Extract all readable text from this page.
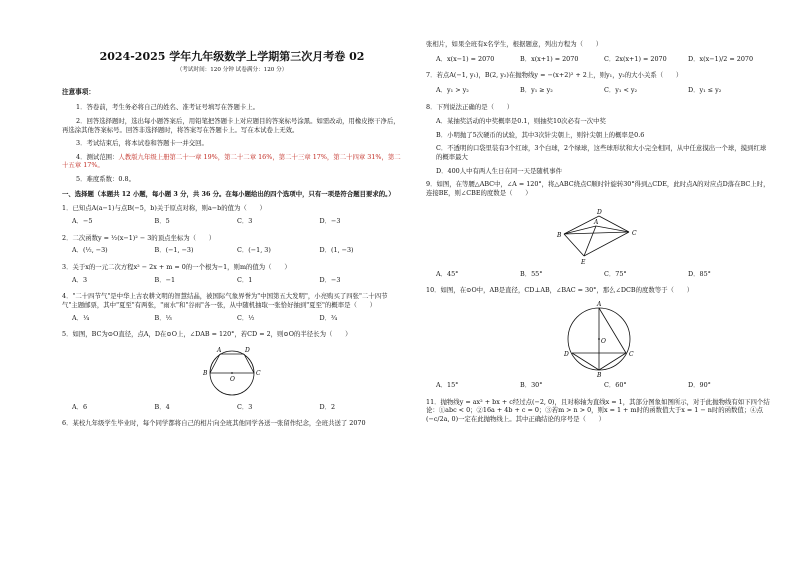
2024-2025 学年九年级数学上学期第三次月考卷 02
（考试时间：120 分钟 试卷满分：120 分）
注意事项：
1．答卷前，考生务必将自己的姓名、准考证号填写在答题卡上。
2．回答选择题时，选出每小题答案后，用铅笔把答题卡上对应题目的答案标号涂黑。如需改动，用橡皮擦干净后，再选涂其他答案标号。回答非选择题时，将答案写在答题卡上。写在本试卷上无效。
3．考试结束后，将本试卷和答题卡一并交回。
4．测试范围：人教版九年级上册第二十一章 19%，第二十二章 16%，第二十三章 17%，第二十四章 31%，第二十五章 17%。
5．难度系数：0.8。
一、选择题（本题共 12 小题，每小题 3 分，共 36 分。在每小题给出的四个选项中，只有一项是符合题目要求的。）
1．已知点A(a−1)与点B(−5，b)关于原点对称，则a−b的值为（　　）
A．−5	B．5	C．3	D．−3
2．二次函数y = ½(x−1)² − 3的顶点坐标为（　　）
A．(½, −3)	B．(−1, −3)	C．(−1, 3)	D．(1, −3)
3．关于x的一元二次方程x² − 2x + m = 0的一个根为−1，则m的值为（　　）
A．3	B．−1	C．1	D．−3
4．"二十四节气"是中华上古农耕文明的智慧结晶，被国际气象界誉为"中国第五大发明"，小亮购买了四张"二十四节气"主题邮票，其中"夏至"有两张，"雨水"和"谷雨"各一张，从中随机抽取一张恰好抽到"夏至"的概率是（　　）
A．¼	B．⅓	C．½	D．¾
5．如图，BC为⊙O直径，点A，D在⊙O上，∠DAB = 120°，若CD = 2，则⊙O的半径长为（　　）
A	D
B	C
O
A．6	B．4	C．3	D．2
6．某校九年级学生毕业时，每个同学都将自己的相片向全班其他同学各送一张留作纪念，全班共送了 2070
张相片，如果全班有x名学生，根据题意，列出方程为（　　）
A．x(x−1) = 2070	B．x(x+1) = 2070	C．2x(x+1) = 2070	D．x(x−1)/2 = 2070
7．若点A(−1, y₁)，B(2, y₂)在抛物线y = −(x+2)² + 2上，则y₁，y₂的大小关系（　　）
A．y₁ > y₂	B．y₁ ≥ y₂	C．y₁ < y₂	D．y₁ ≤ y₂
8．下列说法正确的是（　　）
A．某抽奖活动的中奖概率是0.1，则抽奖10次必有一次中奖
B．小明抛了5次硬币的试验，其中3次针尖朝上，则针尖朝上的概率是0.6
C．不透明的口袋里装有3个红球，3个白球，2个绿球，这些球形状和大小完全相同，从中任意摸出一个球，摸到红球的概率最大
D．400人中有两人生日在同一天是随机事件
9．如图，在等腰△ABC中，∠A = 120°，将△ABC绕点C顺时针旋转30°得到△CDE，此时点A的对应点D落在BC上时，连接BE，则∠CBE的度数是（　　）
D
A
B	C
E
A．45°	B．55°	C．75°	D．85°
10．如图，在⊙O中，AB是直径，CD⊥AB，∠BAC = 30°，那么∠DCB的度数等于（　　）
A
O
D	C
B
A．15°	B．30°	C．60°	D．90°
11．抛物线y = ax² + bx + c经过点(−2, 0)，且对称轴为直线x = 1，其部分图象如图所示，对于此抛物线有如下四个结论：①abc < 0；②16a + 4b + c = 0；③若m > n > 0，则x = 1 + m时的函数值大于x = 1 − n时的函数值；④点(−c/2a, 0)一定在此抛物线上。其中正确结论的序号是（　　）
